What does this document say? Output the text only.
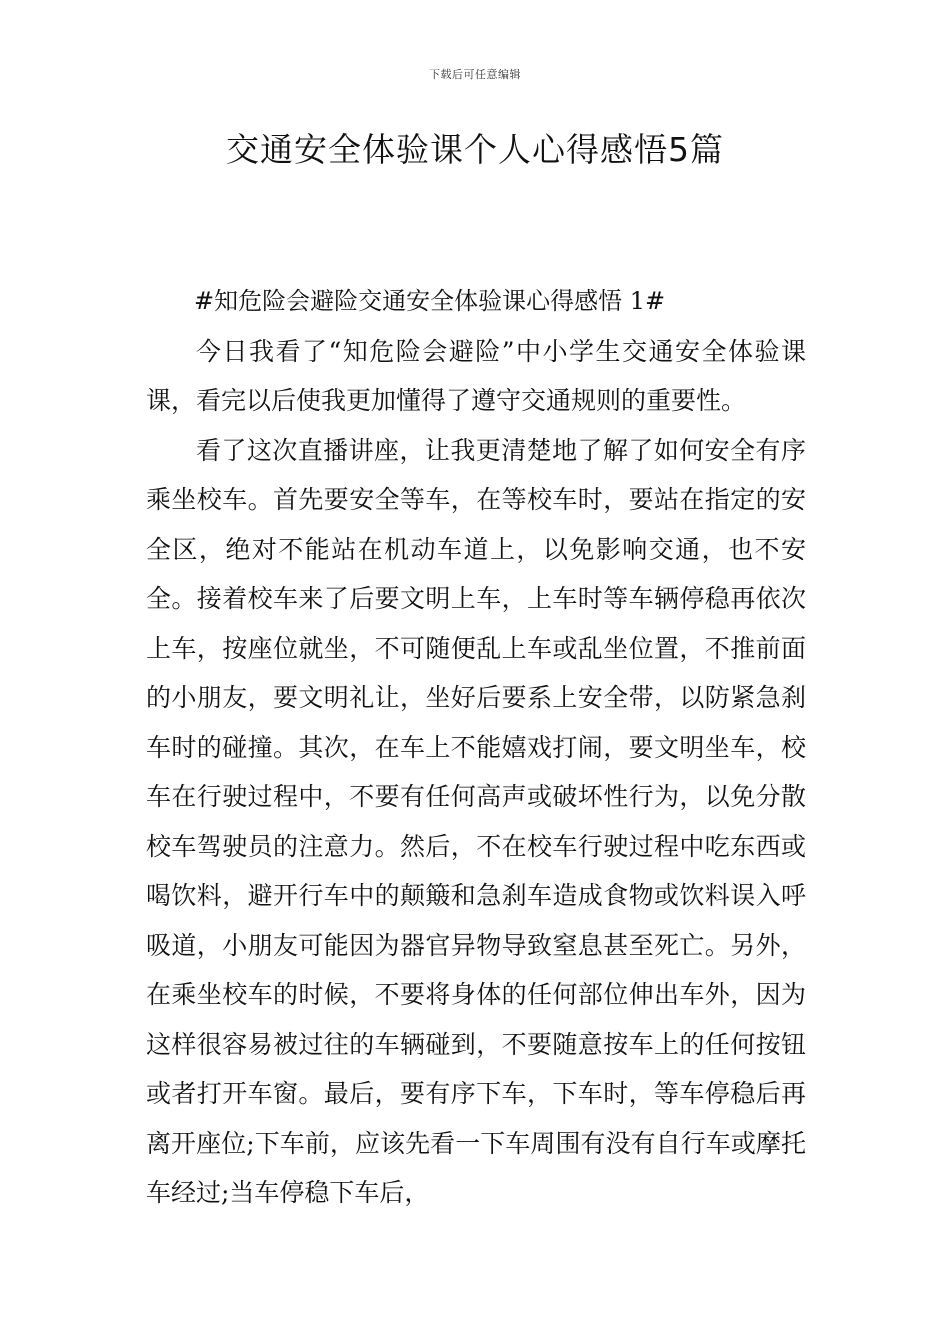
下载后可任意编辑
交通安全体验课个人心得感悟5篇

#知危险会避险交通安全体验课心得感悟 1#

今日我看了“知危险会避险”中小学生交通安全体验课课，看完以后使我更加懂得了遵守交通规则的重要性。

看了这次直播讲座，让我更清楚地了解了如何安全有序乘坐校车。首先要安全等车，在等校车时，要站在指定的安全区，绝对不能站在机动车道上，以免影响交通，也不安全。接着校车来了后要文明上车，上车时等车辆停稳再依次上车，按座位就坐，不可随便乱上车或乱坐位置，不推前面的小朋友，要文明礼让，坐好后要系上安全带，以防紧急刹车时的碰撞。其次，在车上不能嬉戏打闹，要文明坐车，校车在行驶过程中，不要有任何高声或破坏性行为，以免分散校车驾驶员的注意力。然后，不在校车行驶过程中吃东西或喝饮料，避开行车中的颠簸和急刹车造成食物或饮料误入呼吸道，小朋友可能因为器官异物导致窒息甚至死亡。另外，在乘坐校车的时候，不要将身体的任何部位伸出车外，因为这样很容易被过往的车辆碰到，不要随意按车上的任何按钮或者打开车窗。最后，要有序下车，下车时，等车停稳后再离开座位;下车前，应该先看一下车周围有没有自行车或摩托车经过;当车停稳下车后，
